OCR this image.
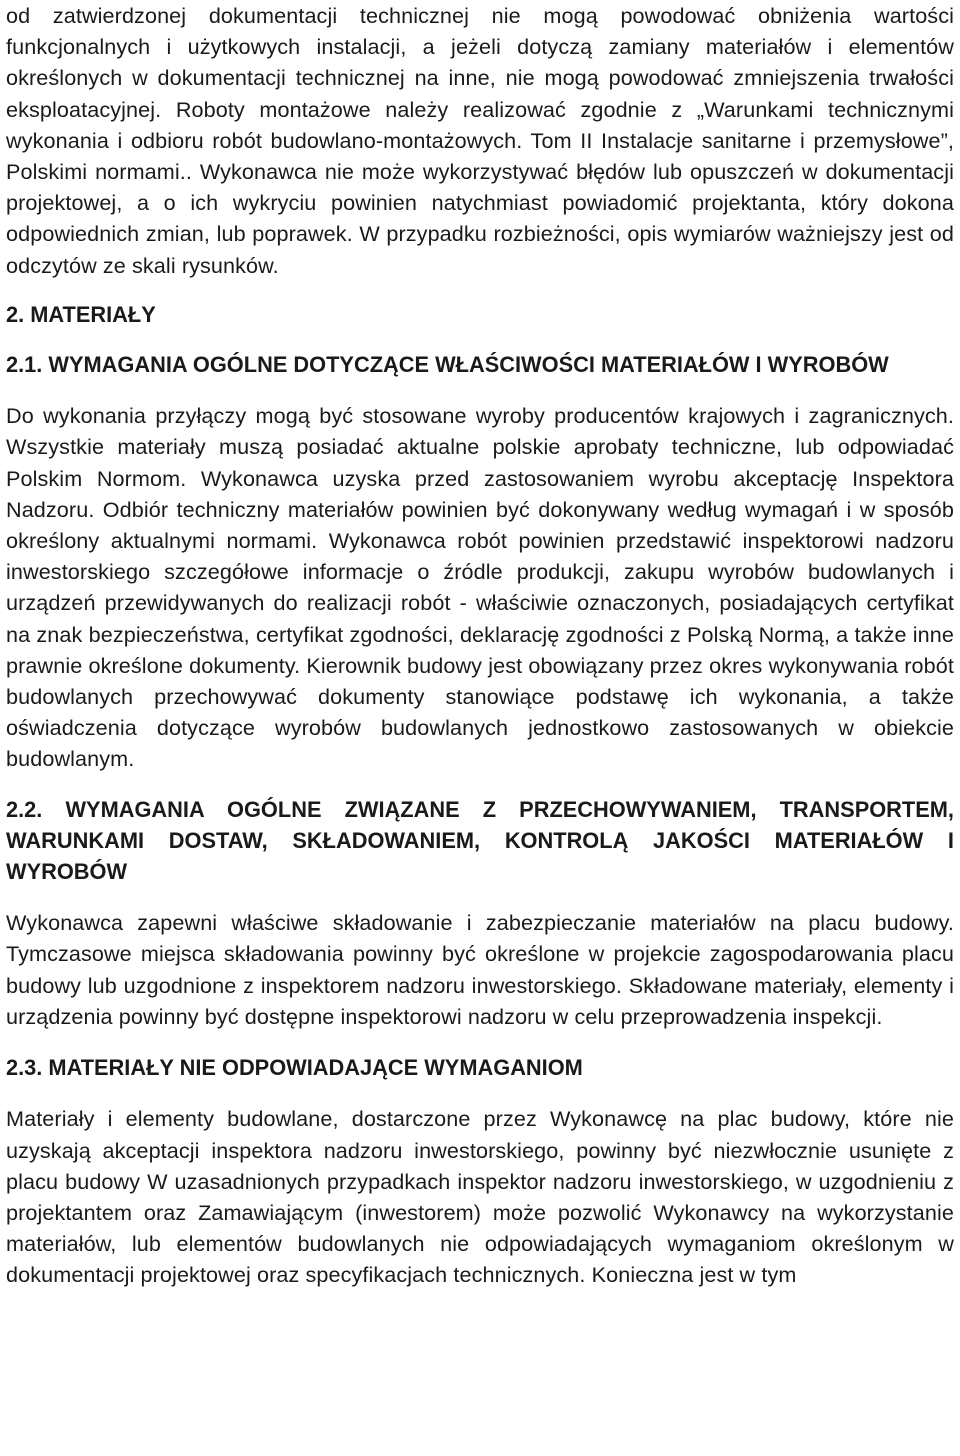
od zatwierdzonej dokumentacji technicznej nie mogą powodować obniżenia wartości funkcjonalnych i użytkowych instalacji, a jeżeli dotyczą zamiany materiałów i elementów określonych w dokumentacji technicznej na inne, nie mogą powodować zmniejszenia trwałości eksploatacyjnej. Roboty montażowe należy realizować zgodnie z „Warunkami technicznymi wykonania i odbioru robót budowlano-montażowych. Tom II Instalacje sanitarne i przemysłowe”, Polskimi normami.. Wykonawca nie może wykorzystywać błędów lub opuszczeń w dokumentacji projektowej, a o ich wykryciu powinien natychmiast powiadomić projektanta, który dokona odpowiednich zmian, lub poprawek. W przypadku rozbieżności, opis wymiarów ważniejszy jest od odczytów ze skali rysunków.

2. MATERIAŁY
2.1. WYMAGANIA OGÓLNE DOTYCZĄCE WŁAŚCIWOŚCI MATERIAŁÓW I WYROBÓW

Do wykonania przyłączy mogą być stosowane wyroby producentów krajowych i zagranicznych. Wszystkie materiały muszą posiadać aktualne polskie aprobaty techniczne, lub odpowiadać Polskim Normom. Wykonawca uzyska przed zastosowaniem wyrobu akceptację Inspektora Nadzoru. Odbiór techniczny materiałów powinien być dokonywany według wymagań i w sposób określony aktualnymi normami. Wykonawca robót powinien przedstawić inspektorowi nadzoru inwestorskiego szczegółowe informacje o źródle produkcji, zakupu wyrobów budowlanych i urządzeń przewidywanych do realizacji robót - właściwie oznaczonych, posiadających certyfikat na znak bezpieczeństwa, certyfikat zgodności, deklarację zgodności z Polską Normą, a także inne prawnie określone dokumenty. Kierownik budowy jest obowiązany przez okres wykonywania robót budowlanych przechowywać dokumenty stanowiące podstawę ich wykonania, a także oświadczenia dotyczące wyrobów budowlanych jednostkowo zastosowanych w obiekcie budowlanym.

2.2. WYMAGANIA OGÓLNE ZWIĄZANE Z PRZECHOWYWANIEM, TRANSPORTEM, WARUNKAMI DOSTAW, SKŁADOWANIEM, KONTROLĄ JAKOŚCI MATERIAŁÓW I WYROBÓW

Wykonawca zapewni właściwe składowanie i zabezpieczanie materiałów na placu budowy. Tymczasowe miejsca składowania powinny być określone w projekcie zagospodarowania placu budowy lub uzgodnione z inspektorem nadzoru inwestorskiego. Składowane materiały, elementy i urządzenia powinny być dostępne inspektorowi nadzoru w celu przeprowadzenia inspekcji.

2.3. MATERIAŁY NIE ODPOWIADAJĄCE WYMAGANIOM

Materiały i elementy budowlane, dostarczone przez Wykonawcę na plac budowy, które nie uzyskają akceptacji inspektora nadzoru inwestorskiego, powinny być niezwłocznie usunięte z placu budowy W uzasadnionych przypadkach inspektor nadzoru inwestorskiego, w uzgodnieniu z projektantem oraz Zamawiającym (inwestorem) może pozwolić Wykonawcy na wykorzystanie materiałów, lub elementów budowlanych nie odpowiadających wymaganiom określonym w dokumentacji projektowej oraz specyfikacjach technicznych. Konieczna jest w tym
